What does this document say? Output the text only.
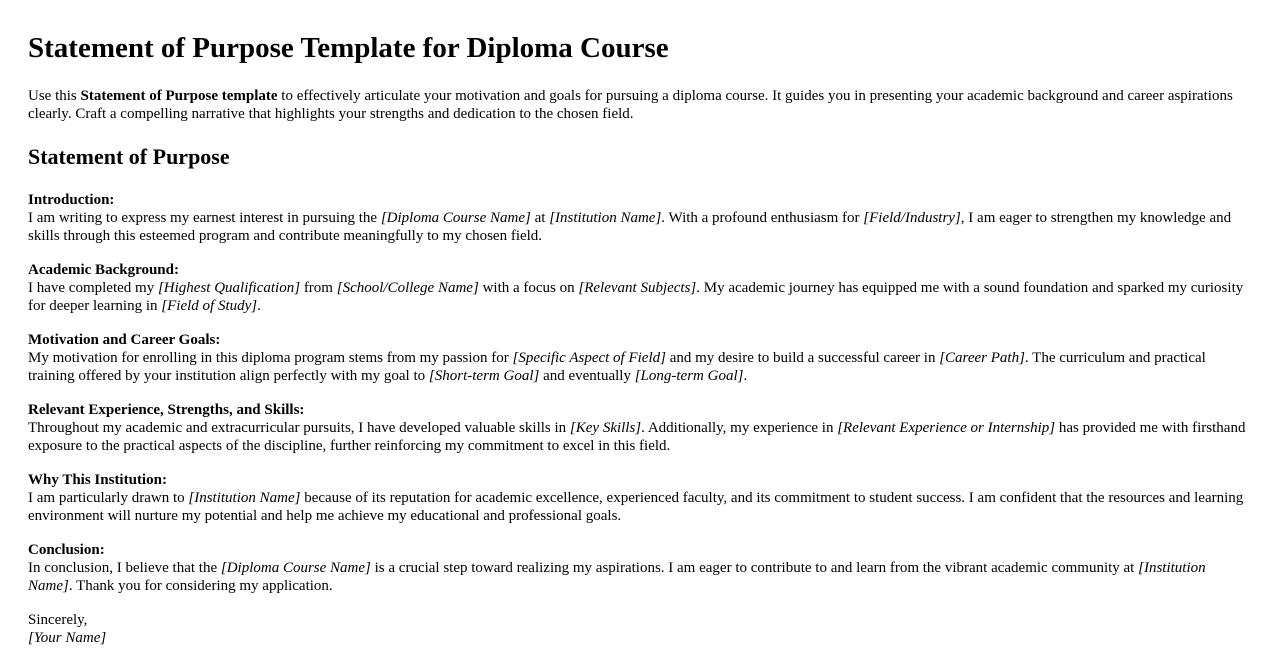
Statement of Purpose Template for Diploma Course

Use this Statement of Purpose template to effectively articulate your motivation and goals for pursuing a diploma course. It guides you in presenting your academic background and career aspirations clearly. Craft a compelling narrative that highlights your strengths and dedication to the chosen field.

Statement of Purpose

Introduction:
I am writing to express my earnest interest in pursuing the [Diploma Course Name] at [Institution Name]. With a profound enthusiasm for [Field/Industry], I am eager to strengthen my knowledge and skills through this esteemed program and contribute meaningfully to my chosen field.

Academic Background:
I have completed my [Highest Qualification] from [School/College Name] with a focus on [Relevant Subjects]. My academic journey has equipped me with a sound foundation and sparked my curiosity for deeper learning in [Field of Study].

Motivation and Career Goals:
My motivation for enrolling in this diploma program stems from my passion for [Specific Aspect of Field] and my desire to build a successful career in [Career Path]. The curriculum and practical training offered by your institution align perfectly with my goal to [Short-term Goal] and eventually [Long-term Goal].

Relevant Experience, Strengths, and Skills:
Throughout my academic and extracurricular pursuits, I have developed valuable skills in [Key Skills]. Additionally, my experience in [Relevant Experience or Internship] has provided me with firsthand exposure to the practical aspects of the discipline, further reinforcing my commitment to excel in this field.

Why This Institution:
I am particularly drawn to [Institution Name] because of its reputation for academic excellence, experienced faculty, and its commitment to student success. I am confident that the resources and learning environment will nurture my potential and help me achieve my educational and professional goals.

Conclusion:
In conclusion, I believe that the [Diploma Course Name] is a crucial step toward realizing my aspirations. I am eager to contribute to and learn from the vibrant academic community at [Institution Name]. Thank you for considering my application.

Sincerely,
[Your Name]
